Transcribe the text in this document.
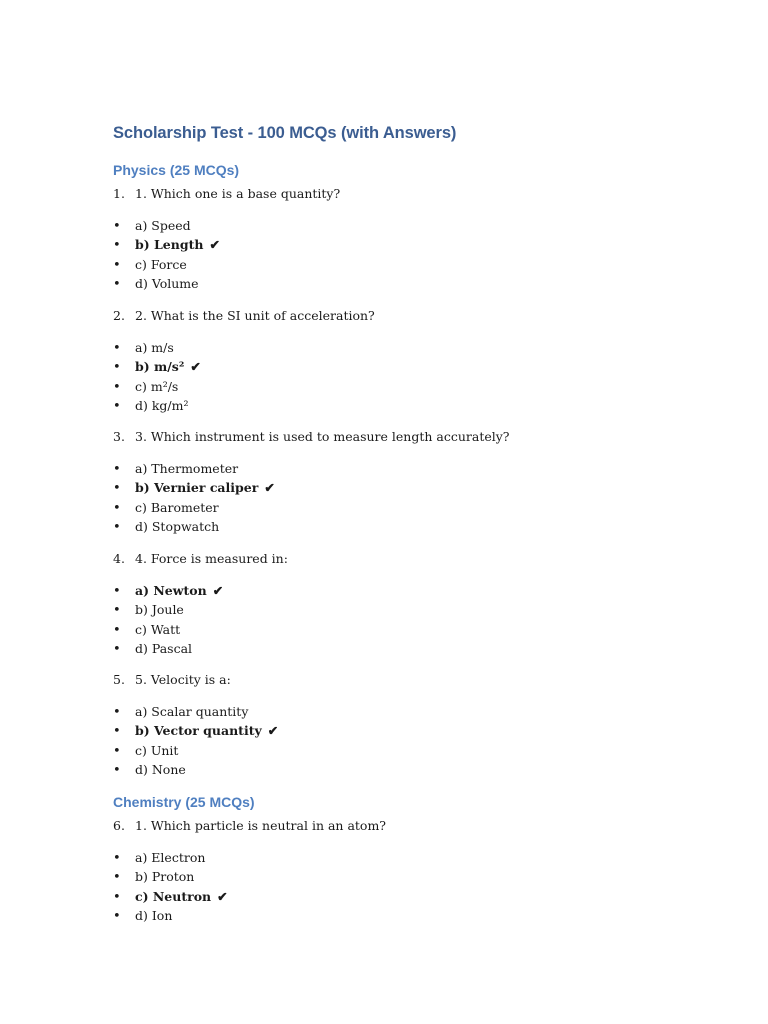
Scholarship Test - 100 MCQs (with Answers)
Physics (25 MCQs)

1. 1. Which one is a base quantity?

• a) Speed
• b) Length ✔
• c) Force
• d) Volume

2. 2. What is the SI unit of acceleration?

• a) m/s
• b) m/s² ✔
• c) m²/s
• d) kg/m²

3. 3. Which instrument is used to measure length accurately?

• a) Thermometer
• b) Vernier caliper ✔
• c) Barometer
• d) Stopwatch

4. 4. Force is measured in:

• a) Newton ✔
• b) Joule
• c) Watt
• d) Pascal

5. 5. Velocity is a:

• a) Scalar quantity
• b) Vector quantity ✔
• c) Unit
• d) None
Chemistry (25 MCQs)

6. 1. Which particle is neutral in an atom?

• a) Electron
• b) Proton
• c) Neutron ✔
• d) Ion
